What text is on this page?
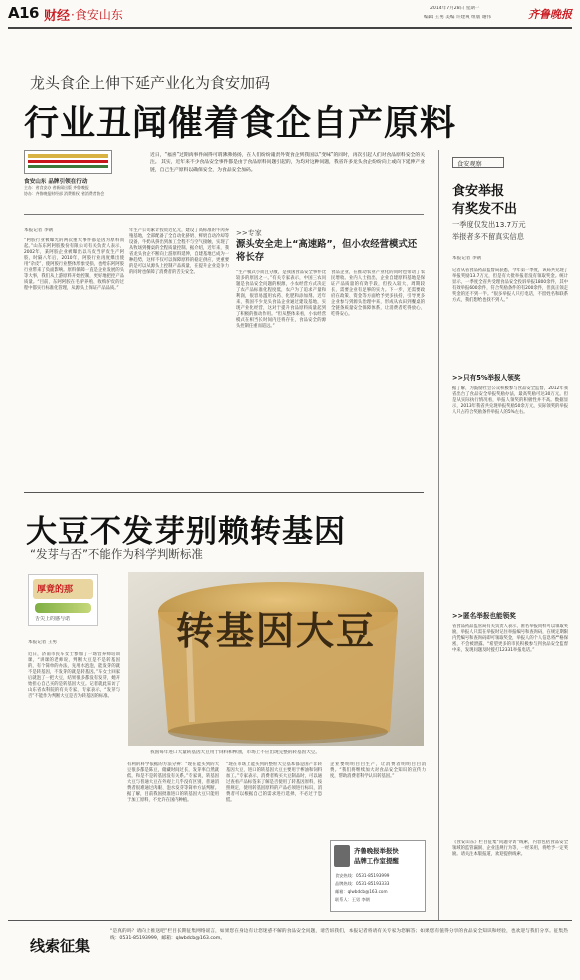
A16 财经 ·食安山东	2014年7月28日 星期一
编辑 王男 美编 许建爽 组版 谢伟	齐鲁晚报
龙头食企上伸下延产业化为食安加码
行业丑闻催着食企自产原料
食安山东 品牌引领在行动
主办：省食安办 省新闻出版 齐鲁晚报
协办：齐鲁晚报财经部 消费维权 省消费者协会
近日，“福喜”过期肉事件闹得可谓沸沸扬扬，在人们纷纷谴责外资食企到我国以“变味”的同时，再次引起人们对食品原料安全的关注。 其实，近年来不少食品安全事件都是由于食品原料问题引起的，为均对这种问题，我省许多龙头食企纷纷向上或向下延伸产业链，自己生产原料以确保安全，为食品安全加码。
本报记者 李钢
“阿胶行业被曝光的两次重大事件都是因为原料而起。”山东东阿阿胶股份有限公司有关负责人表示，2002年，某阿胶企业被曝出以马皮当驴皮生产阿胶，时隔八年后，2010年，阿胶行业再度爆出使用“杂皮”，使阿胶行业整体形象受损，也给东阿阿胶行业带来了负面影响。原料保障一直是企业发展的头等大事，我们从上游原料开始控制，更好地把控产品质量。“目前，东阿阿胶在毛驴养殖、收购驴皮的过程中都实行标准化管理，从源头上保证产品品质。”
年生产公司累计投资近亿元，建设了高标准的牛肉养殖基地，全部配备了全自动化挤奶、鲜奶自动冷却等设备，牛奶从挤出到加工全程不与空气接触，实现了从牧场到餐桌的全程质量控制。据介绍，近年来，我省龙头食企不断向上游原料延伸，自建基地已成为一种趋势，这样不仅可以保障原料的稳定供应，更重要的是可以从源头上控制产品质量，在提升企业竞争力的同时也保障了消费者的舌尖安全。
>>专家
源头安全走上“高速路”，但小农经营模式还将长存
“生产模式小而且分散，是我国食品安全事件比较多的原因之一。”有关专家表示，中国三农问题是食品安全问题的根源，小农经营方式决定了农产品标准化程度低，农户为了追求产量和利润，很容易滥用农药、化肥和添加剂。近年来，我国不少龙头食品企业通过建设基地，实现产业化经营，这对于提升食品原料质量起到了积极的推动作用。“但从整体来看，小农经营模式在相当长时间内还将存在，食品安全的源头控制任重而道远。”
食品企业，在推动农业产业化的同时也带动了农民增收。业内人士指出，企业自建原料基地是保证产品质量的有效手段，但投入较大、周期较长，需要企业有足够的实力。下一步，还需要政府在政策、资金等方面给予更多扶持，引导更多企业参与到源头治理中来，形成从农田到餐桌的全链条质量安全保障体系，让消费者吃得放心、吃得安心。
大豆不发芽别赖转基因
“发芽与否”不能作为科学判断标准
厚竟的那
舌尖上的感与诺	转基因大豆
我国每年进口大量转基因大豆用于饲料和榨油，市场上不应出现完整的转基因大豆。
本报记者 王男
近日，济南市民车女士参加了一场营养师培训课，“讲课的老师说，判断大豆是不是转基因的，有个简单的办法，先用水泡泡，能发芽的就不是转基因，不发芽的就是转基因。”车女士回家后就泡了一把大豆，结果很多都没有发芽，她开始担心自己买的是转基因大豆。记者就此采访了山东省农科院的有关专家，专家表示，“发芽与否”不能作为判断大豆是否为转基因的标准。
有利的科学依据的方法分辨：“现在能买到的大豆很多都是陈豆，储藏时间过长，发芽率自然就低，和是不是转基因没有关系。”专家说，转基因大豆与普通大豆在外观上几乎没有区别，普通消费者很难通过肉眼、泡水发芽等简单方法判断。据了解，目前我国批准进口的转基因大豆只能用于加工原料，不允许在国内种植。
“现在市场上能买到的整粒大豆基本都是国产非转基因大豆，进口的转基因大豆主要用于榨油和饲料加工。”专家表示，消费者购买大豆制品时，可以通过查看产品标签来了解是否使用了转基因原料，按照规定，使用转基因原料的产品必须进行标识，消费者可以根据自己的需求进行选择，不必过于恐慌。
企业要明明白白生产，让消费者明明白白消费。“我们将继续加大对食品安全知识的宣传力度，帮助消费者科学认识转基因。”
齐鲁晚报举报快
品牌工作室提醒
食安热线：0531-85193999
品牌热线：0531-85193333
邮箱：qlwbdcb@163.com
联系人：王男 李钢
食安观察
食安举报
有奖发不出
一季度仅发出13.7万元
举报者多不留真实信息
本报记者 李钢
记者从省食品药品监督局获悉，今年第一季度，该局共兑现了举报奖励13.7万元，但是有大批举报者没有领取奖金。统计显示，一季度全省共受理食品安全投诉举报1800余件，其中有效举报600余件，符合奖励条件的有200余件，但真正领走奖金的还不到一半。“很多举报人只打电话，不留姓名和联系方式，我们想给也找不到人。”
>>只有5%举报人领奖
据了解，为鼓励社会公众积极参与食品安全监督，2012年我省出台了食品安全举报奖励办法，最高奖励可达30万元。但是从实际执行情况看，举报人领奖的积极性并不高。数据显示，2013年我省共兑现举报奖励50余万元，实际领奖的举报人只占符合奖励条件举报人的5%左右。
>>匿名举报也能领奖
省食品药品监管局有关负责人表示，匿名举报同样可以领取奖励，举报人只需在举报时记住举报编号和查询码，在规定期限内凭编号和查询码即可领取奖金，举报人的个人信息将严格保密，不会被泄露。“希望更多的市民积极参与到食品安全监督中来，发现问题及时拨打12331举报电话。”
《食安山东》栏目征集“问题寻访”线索，内容包括食品安全领域的监管漏洞、企业违规行为等，一经采用，将给予一定奖励。请关注本版报道，欢迎提供线索。
线索征集
“是真的吗？请向上推送吧”栏目长期征集网络谣言，如果您在身边有让您迷惑不解的食品安全问题，请告诉我们，本报记者将请有关专家为您解答；如果您有值得分享的食品安全知识和经验，也欢迎与我们分享。征集热线：0531-85193999，邮箱：qlwbdcb@163.com。
